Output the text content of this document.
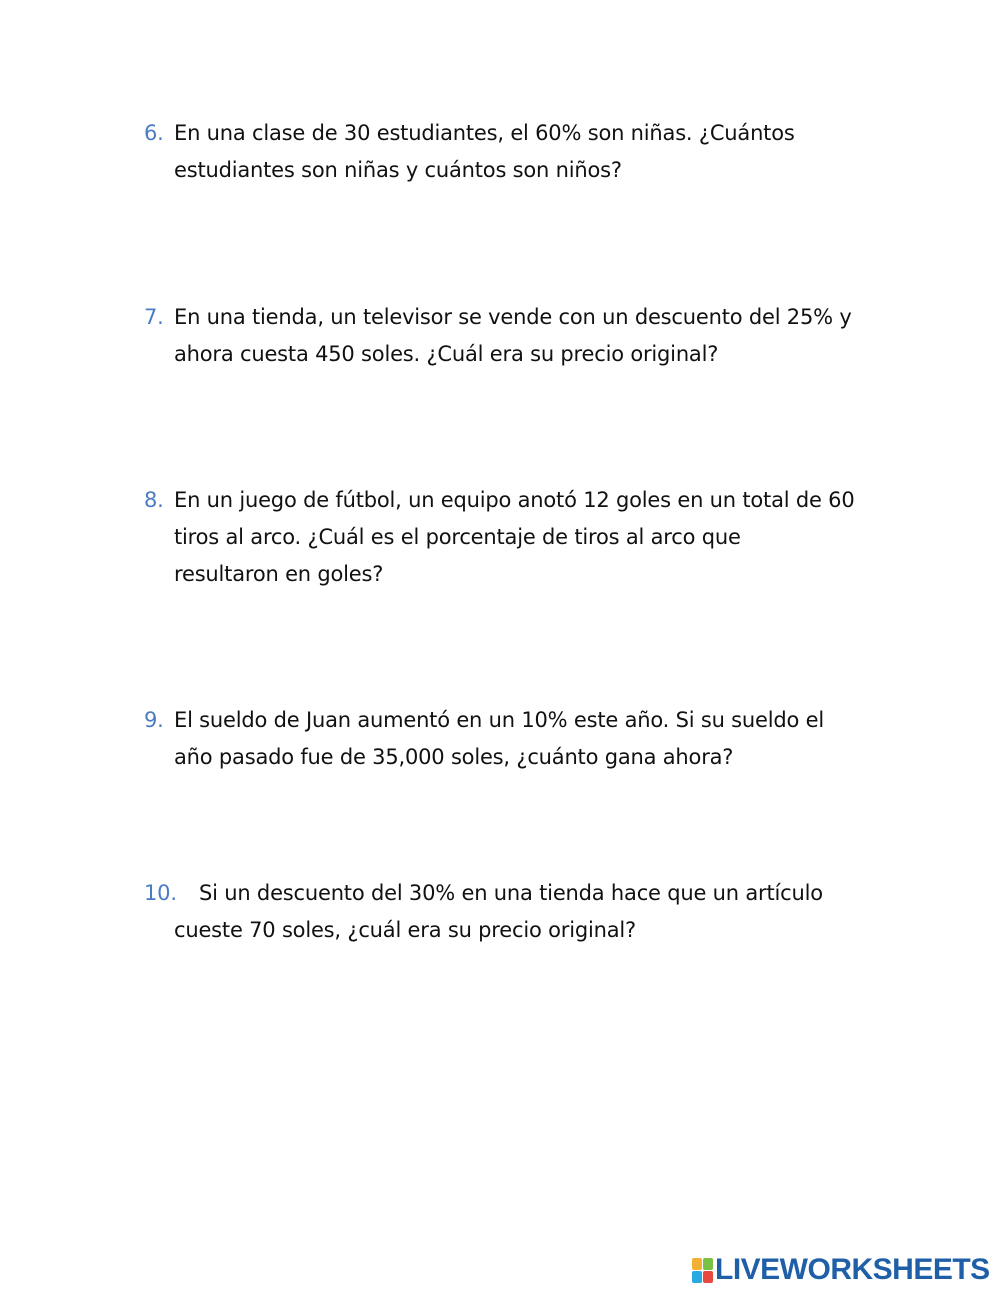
6. En una clase de 30 estudiantes, el 60% son niñas. ¿Cuántos
estudiantes son niñas y cuántos son niños?
7. En una tienda, un televisor se vende con un descuento del 25% y
ahora cuesta 450 soles. ¿Cuál era su precio original?
8. En un juego de fútbol, un equipo anotó 12 goles en un total de 60
tiros al arco. ¿Cuál es el porcentaje de tiros al arco que
resultaron en goles?
9. El sueldo de Juan aumentó en un 10% este año. Si su sueldo el
año pasado fue de 35,000 soles, ¿cuánto gana ahora?
10.	Si un descuento del 30% en una tienda hace que un artículo
cueste 70 soles, ¿cuál era su precio original?
LIVEWORKSHEETS
